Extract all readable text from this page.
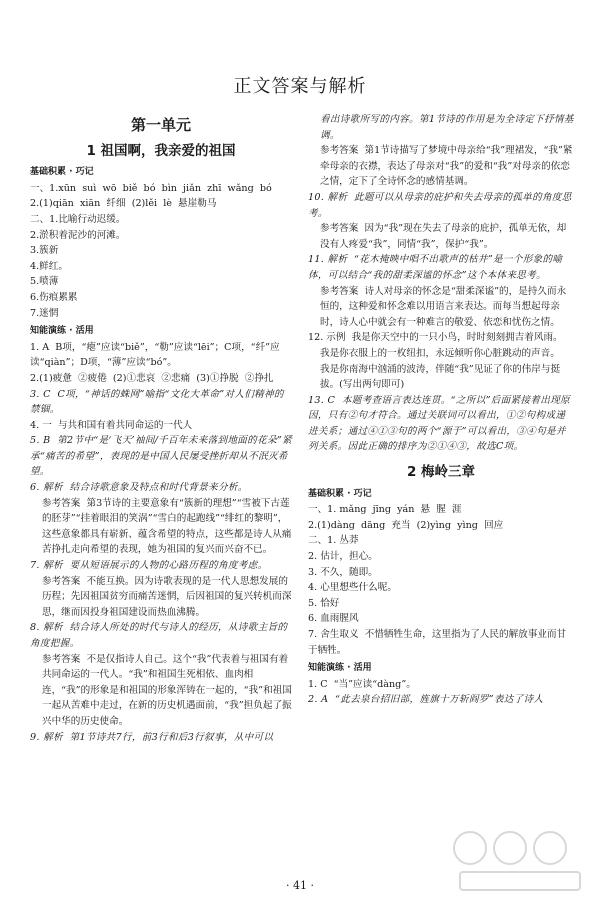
正文答案与解析
第一单元
1 祖国啊，我亲爱的祖国
基础积累 · 巧记
一、1.xūn  suì  wō  biě  bó  bìn  jiǎn  zhī  wǎng  bó
2.(1)qiān  xiān  纤细  (2)lěi  lè  悬崖勒马
二、1.比喻行动迟缓。
2.淤积着泥沙的河滩。
3.簇新
4.鲜红。
5.喷薄
6.伤痕累累
7.迷惘
知能演练 · 活用
1. A  B项，“瘪”应读“biě”，“勒”应读“lēi”；C项，“纤”应读“qiàn”；D项，“薄”应读“bó”。
2.(1)疲惫  ②疲倦  (2)①悲哀  ②悲痛  (3)①挣脱  ②挣扎
3. C  C项，“神话的蛛网”喻指“文化大革命”对人们精神的禁锢。
4. 一  与共和国有着共同命运的一代人
5. B  第2节中“是‘飞天’袖间/千百年未来落到地面的花朵”紧承“痛苦的希望”，表现的是中国人民屡受挫折却从不泯灭希望。
6. 解析  结合诗歌意象及特点和时代背景来分析。
参考答案  第3节诗的主要意象有“簇新的理想”“雪被下古莲的胚芽”“挂着眼泪的笑涡”“雪白的起跑线”“绯红的黎明”，这些意象都具有崭新、蕴含希望的特点，这些都是诗人从痛苦挣扎走向希望的表现，她为祖国的复兴而兴奋不已。
7. 解析  要从短语展示的人物的心路历程的角度考虑。
参考答案  不能互换。因为诗歌表现的是一代人思想发展的历程；先因祖国贫穷而痛苦迷惘，后因祖国的复兴转机而深思，继而因投身祖国建设而热血沸腾。
8. 解析  结合诗人所处的时代与诗人的经历，从诗歌主旨的角度把握。
参考答案  不是仅指诗人自己。这个“我”代表着与祖国有着共同命运的一代人。“我”和祖国生死相依、血肉相连，“我”的形象是和祖国的形象浑铸在一起的，“我”和祖国一起从苦难中走过，在新的历史机遇面前，“我”担负起了振兴中华的历史使命。
9. 解析  第1节诗共7行，前3行和后3行叙事，从中可以
看出诗歌所写的内容。第1节诗的作用是为全诗定下抒情基调。
参考答案  第1节诗描写了梦境中母亲给“我”理裙发，“我”紧牵母亲的衣襟，表达了母亲对“我”的爱和“我”对母亲的依恋之情，定下了全诗怀念的感情基调。
10. 解析  此题可以从母亲的庇护和失去母亲的孤单的角度思考。
参考答案  因为“我”现在失去了母亲的庇护，孤单无依，却没有人疼爱“我”，同情“我”，保护“我”。
11. 解析  “花木掩映中唱不出歌声的枯井”是一个形象的喻体，可以结合“我的甜柔深谧的怀念”这个本体来思考。
参考答案  诗人对母亲的怀念是“甜柔深谧”的，是持久而永恒的，这种爱和怀念难以用语言来表达。而每当想起母亲时，诗人心中就会有一种难言的敬爱、依恋和忧伤之情。
12. 示例  我是你天空中的一只小鸟，时时刻刻拥吉着风雨。
我是你衣服上的一枚纽扣，永远倾听你心脏跳动的声音。
我是你南海中汹涌的波涛，伴随“我”见证了你的伟岸与挺拔。(写出两句即可)
13. C  本题考查语言表达连贯。“之所以”后面紧接着出现原因，只有②句才符合。通过关联词可以看出，①②句构成递进关系；通过④①③句的两个“源于”可以看出，③④句是并列关系。因此正确的排序为②①④③，故选C项。
2 梅岭三章
基础积累 · 巧记
一、1. mǎng  jīng  yán  悬  腥  涯
2.(1)dàng  dāng  充当  (2)yìng  yìng  回应
二、1. 丛莽
2. 估计，担心。
3. 不久，随即。
4. 心里想些什么呢。
5. 恰好
6. 血雨腥风
7. 舍生取义  不惜牺牲生命，这里指为了人民的解放事业而甘于牺牲。
知能演练 · 活用
1. C  “当”应读“dàng”。
2. A  “此去泉台招旧部，旌旗十万斩阎罗”表达了诗人
· 41 ·
